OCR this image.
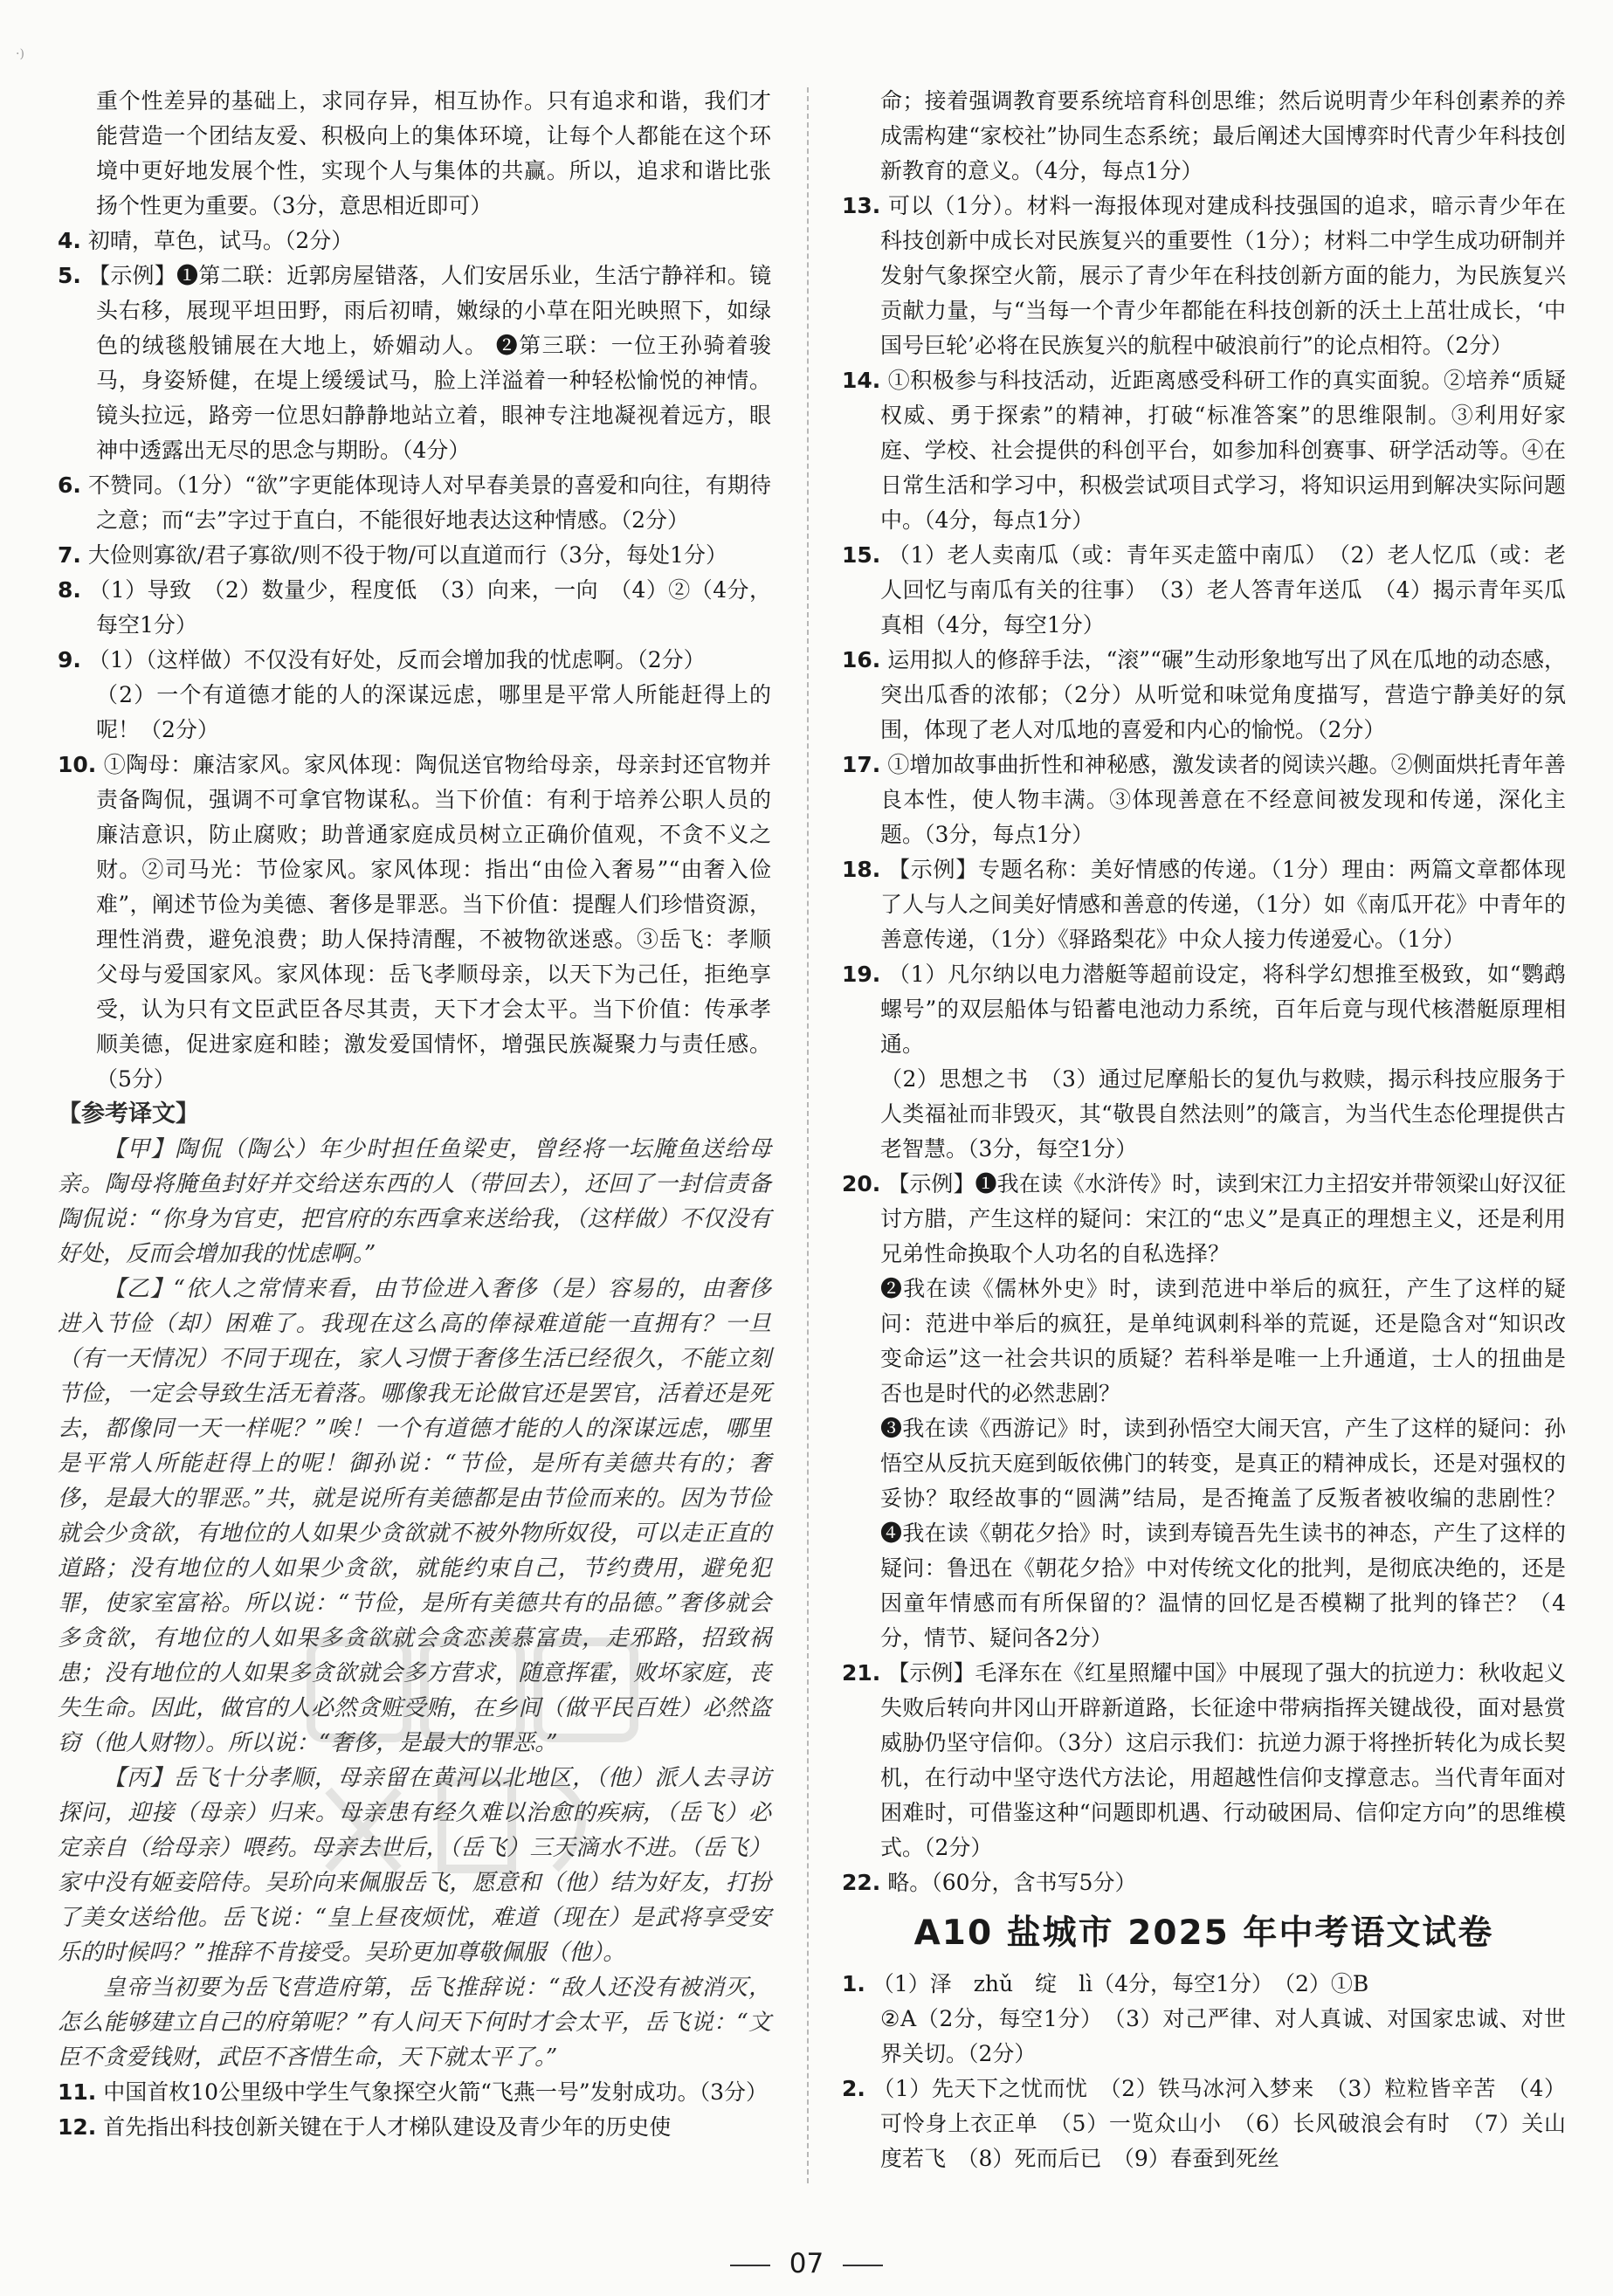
·)

重个性差异的基础上，求同存异，相互协作。只有追求和谐，我们才能营造一个团结友爱、积极向上的集体环境，让每个人都能在这个环境中更好地发展个性，实现个人与集体的共赢。所以，追求和谐比张扬个性更为重要。（3分，意思相近即可）

4. 初晴，草色，试马。（2分）

5. 【示例】❶第二联：近郭房屋错落，人们安居乐业，生活宁静祥和。镜头右移，展现平坦田野，雨后初晴，嫩绿的小草在阳光映照下，如绿色的绒毯般铺展在大地上，娇媚动人。 ❷第三联：一位王孙骑着骏马，身姿矫健，在堤上缓缓试马，脸上洋溢着一种轻松愉悦的神情。镜头拉远，路旁一位思妇静静地站立着，眼神专注地凝视着远方，眼神中透露出无尽的思念与期盼。（4分）

6. 不赞同。（1分）“欲”字更能体现诗人对早春美景的喜爱和向往，有期待之意；而“去”字过于直白，不能很好地表达这种情感。（2分）

7. 大俭则寡欲/君子寡欲/则不役于物/可以直道而行（3分，每处1分）

8. （1）导致　（2）数量少，程度低　（3）向来，一向　（4）②（4分，每空1分）

9. （1）（这样做）不仅没有好处，反而会增加我的忧虑啊。（2分）

（2）一个有道德才能的人的深谋远虑，哪里是平常人所能赶得上的呢！（2分）

10. ①陶母：廉洁家风。家风体现：陶侃送官物给母亲，母亲封还官物并责备陶侃，强调不可拿官物谋私。当下价值：有利于培养公职人员的廉洁意识，防止腐败；助普通家庭成员树立正确价值观，不贪不义之财。②司马光：节俭家风。家风体现：指出“由俭入奢易”“由奢入俭难”，阐述节俭为美德、奢侈是罪恶。当下价值：提醒人们珍惜资源，理性消费，避免浪费；助人保持清醒，不被物欲迷惑。③岳飞：孝顺父母与爱国家风。家风体现：岳飞孝顺母亲，以天下为己任，拒绝享受，认为只有文臣武臣各尽其责，天下才会太平。当下价值：传承孝顺美德，促进家庭和睦；激发爱国情怀，增强民族凝聚力与责任感。（5分）

【参考译文】

【甲】陶侃（陶公）年少时担任鱼梁吏，曾经将一坛腌鱼送给母亲。陶母将腌鱼封好并交给送东西的人（带回去），还回了一封信责备陶侃说：“你身为官吏，把官府的东西拿来送给我，（这样做）不仅没有好处，反而会增加我的忧虑啊。”

【乙】“依人之常情来看，由节俭进入奢侈（是）容易的，由奢侈进入节俭（却）困难了。我现在这么高的俸禄难道能一直拥有？一旦（有一天情况）不同于现在，家人习惯于奢侈生活已经很久，不能立刻节俭，一定会导致生活无着落。哪像我无论做官还是罢官，活着还是死去，都像同一天一样呢？”唉！一个有道德才能的人的深谋远虑，哪里是平常人所能赶得上的呢！御孙说：“节俭，是所有美德共有的；奢侈，是最大的罪恶。”共，就是说所有美德都是由节俭而来的。因为节俭就会少贪欲，有地位的人如果少贪欲就不被外物所奴役，可以走正直的道路；没有地位的人如果少贪欲，就能约束自己，节约费用，避免犯罪，使家室富裕。所以说：“节俭，是所有美德共有的品德。”奢侈就会多贪欲，有地位的人如果多贪欲就会贪恋羡慕富贵，走邪路，招致祸患；没有地位的人如果多贪欲就会多方营求，随意挥霍，败坏家庭，丧失生命。因此，做官的人必然贪赃受贿，在乡间（做平民百姓）必然盗窃（他人财物）。所以说：“奢侈，是最大的罪恶。”

【丙】岳飞十分孝顺，母亲留在黄河以北地区，（他）派人去寻访探问，迎接（母亲）归来。母亲患有经久难以治愈的疾病，（岳飞）必定亲自（给母亲）喂药。母亲去世后，（岳飞）三天滴水不进。（岳飞）家中没有姬妾陪侍。吴玠向来佩服岳飞，愿意和（他）结为好友，打扮了美女送给他。岳飞说：“皇上昼夜烦忧，难道（现在）是武将享受安乐的时候吗？”推辞不肯接受。吴玠更加尊敬佩服（他）。

皇帝当初要为岳飞营造府第，岳飞推辞说：“敌人还没有被消灭，怎么能够建立自己的府第呢？”有人问天下何时才会太平，岳飞说：“文臣不贪爱钱财，武臣不吝惜生命，天下就太平了。”

11. 中国首枚10公里级中学生气象探空火箭“飞燕一号”发射成功。（3分）

12. 首先指出科技创新关键在于人才梯队建设及青少年的历史使

命；接着强调教育要系统培育科创思维；然后说明青少年科创素养的养成需构建“家校社”协同生态系统；最后阐述大国博弈时代青少年科技创新教育的意义。（4分，每点1分）

13. 可以（1分）。材料一海报体现对建成科技强国的追求，暗示青少年在科技创新中成长对民族复兴的重要性（1分）；材料二中学生成功研制并发射气象探空火箭，展示了青少年在科技创新方面的能力，为民族复兴贡献力量，与“当每一个青少年都能在科技创新的沃土上茁壮成长，‘中国号巨轮’必将在民族复兴的航程中破浪前行”的论点相符。（2分）

14. ①积极参与科技活动，近距离感受科研工作的真实面貌。②培养“质疑权威、勇于探索”的精神，打破“标准答案”的思维限制。③利用好家庭、学校、社会提供的科创平台，如参加科创赛事、研学活动等。④在日常生活和学习中，积极尝试项目式学习，将知识运用到解决实际问题中。（4分，每点1分）

15. （1）老人卖南瓜（或：青年买走篮中南瓜）　（2）老人忆瓜（或：老人回忆与南瓜有关的往事）　（3）老人答青年送瓜　（4）揭示青年买瓜真相（4分，每空1分）

16. 运用拟人的修辞手法，“滚”“碾”生动形象地写出了风在瓜地的动态感，突出瓜香的浓郁；（2分）从听觉和味觉角度描写，营造宁静美好的氛围，体现了老人对瓜地的喜爱和内心的愉悦。（2分）

17. ①增加故事曲折性和神秘感，激发读者的阅读兴趣。②侧面烘托青年善良本性，使人物丰满。③体现善意在不经意间被发现和传递，深化主题。（3分，每点1分）

18. 【示例】专题名称：美好情感的传递。（1分）理由：两篇文章都体现了人与人之间美好情感和善意的传递，（1分）如《南瓜开花》中青年的善意传递，（1分）《驿路梨花》中众人接力传递爱心。（1分）

19. （1）凡尔纳以电力潜艇等超前设定，将科学幻想推至极致，如“鹦鹉螺号”的双层船体与铅蓄电池动力系统，百年后竟与现代核潜艇原理相通。

（2）思想之书　（3）通过尼摩船长的复仇与救赎，揭示科技应服务于人类福祉而非毁灭，其“敬畏自然法则”的箴言，为当代生态伦理提供古老智慧。（3分，每空1分）

20. 【示例】❶我在读《水浒传》时，读到宋江力主招安并带领梁山好汉征讨方腊，产生这样的疑问：宋江的“忠义”是真正的理想主义，还是利用兄弟性命换取个人功名的自私选择？

❷我在读《儒林外史》时，读到范进中举后的疯狂，产生了这样的疑问：范进中举后的疯狂，是单纯讽刺科举的荒诞，还是隐含对“知识改变命运”这一社会共识的质疑？若科举是唯一上升通道，士人的扭曲是否也是时代的必然悲剧？

❸我在读《西游记》时，读到孙悟空大闹天宫，产生了这样的疑问：孙悟空从反抗天庭到皈依佛门的转变，是真正的精神成长，还是对强权的妥协？取经故事的“圆满”结局，是否掩盖了反叛者被收编的悲剧性？　❹我在读《朝花夕拾》时，读到寿镜吾先生读书的神态，产生了这样的疑问：鲁迅在《朝花夕拾》中对传统文化的批判，是彻底决绝的，还是因童年情感而有所保留的？温情的回忆是否模糊了批判的锋芒？（4分，情节、疑问各2分）

21. 【示例】毛泽东在《红星照耀中国》中展现了强大的抗逆力：秋收起义失败后转向井冈山开辟新道路，长征途中带病指挥关键战役，面对悬赏威胁仍坚守信仰。（3分）这启示我们：抗逆力源于将挫折转化为成长契机，在行动中坚守迭代方法论，用超越性信仰支撑意志。当代青年面对困难时，可借鉴这种“问题即机遇、行动破困局、信仰定方向”的思维模式。（2分）

22. 略。（60分，含书写5分）

A10 盐城市 2025 年中考语文试卷

1. （1）泽　zhǔ　绽　lì（4分，每空1分）　（2）①B

②A（2分，每空1分）　（3）对己严律、对人真诚、对国家忠诚、对世界关切。（2分）

2. （1）先天下之忧而忧　（2）铁马冰河入梦来　（3）粒粒皆辛苦　（4）可怜身上衣正单　（5）一览众山小　（6）长风破浪会有时　（7）关山度若飞　（8）死而后已　（9）春蚕到死丝

07
